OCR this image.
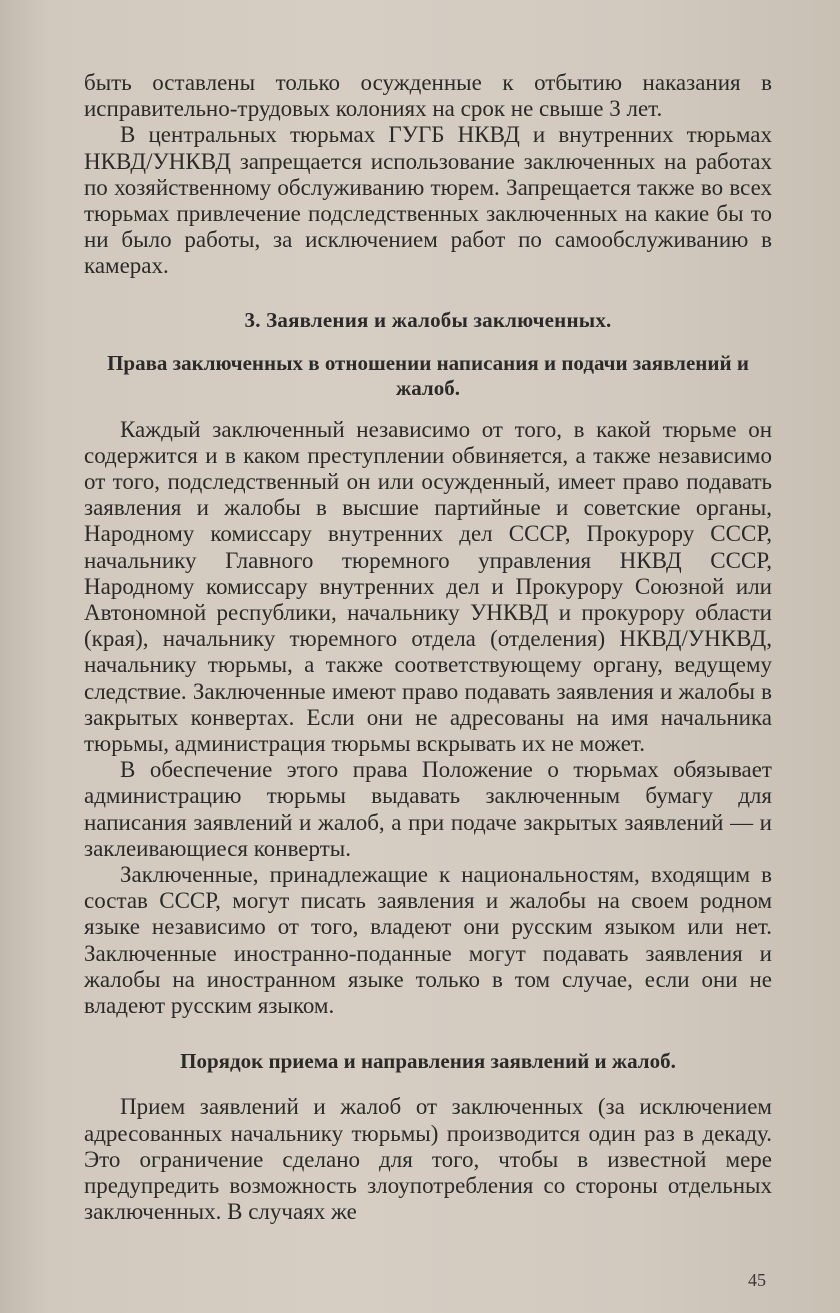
быть оставлены только осужденные к отбытию наказания в исправительно-трудовых колониях на срок не свыше 3 лет.

В центральных тюрьмах ГУГБ НКВД и внутренних тюрьмах НКВД/УНКВД запрещается использование заключенных на работах по хозяйственному обслуживанию тюрем. Запрещается также во всех тюрьмах привлечение подследственных заключенных на какие бы то ни было работы, за исключением работ по самообслуживанию в камерах.

3. Заявления и жалобы заключенных.
Права заключенных в отношении написания и подачи заявлений и жалоб.

Каждый заключенный независимо от того, в какой тюрьме он содержится и в каком преступлении обвиняется, а также независимо от того, подследственный он или осужденный, имеет право подавать заявления и жалобы в высшие партийные и советские органы, Народному комиссару внутренних дел СССР, Прокурору СССР, начальнику Главного тюремного управления НКВД СССР, Народному комиссару внутренних дел и Прокурору Союзной или Автономной республики, начальнику УНКВД и прокурору области (края), начальнику тюремного отдела (отделения) НКВД/УНКВД, начальнику тюрьмы, а также соответствующему органу, ведущему следствие. Заключенные имеют право подавать заявления и жалобы в закрытых конвертах. Если они не адресованы на имя начальника тюрьмы, администрация тюрьмы вскрывать их не может.

В обеспечение этого права Положение о тюрьмах обязывает администрацию тюрьмы выдавать заключенным бумагу для написания заявлений и жалоб, а при подаче закрытых заявлений — и заклеивающиеся конверты.

Заключенные, принадлежащие к национальностям, входящим в состав СССР, могут писать заявления и жалобы на своем родном языке независимо от того, владеют они русским языком или нет. Заключенные иностранно-поданные могут подавать заявления и жалобы на иностранном языке только в том случае, если они не владеют русским языком.

Порядок приема и направления заявлений и жалоб.

Прием заявлений и жалоб от заключенных (за исключением адресованных начальнику тюрьмы) производится один раз в декаду. Это ограничение сделано для того, чтобы в известной мере предупредить возможность злоупотребления со стороны отдельных заключенных. В случаях же

45
